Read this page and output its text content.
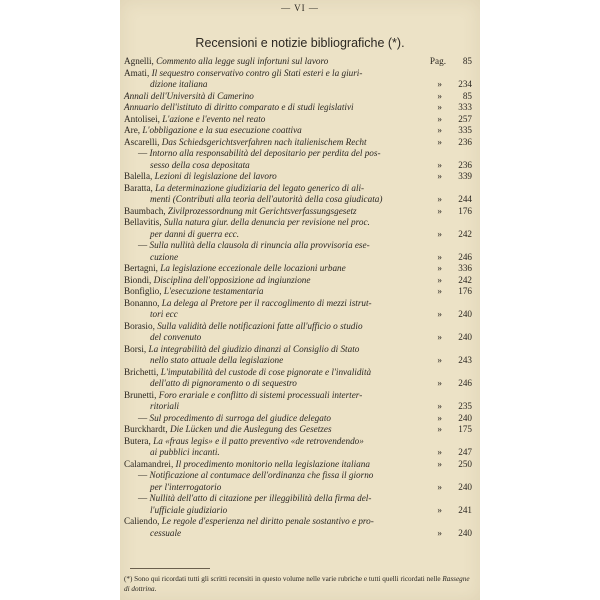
— VI —
Recensioni e notizie bibliografiche (*).
Agnelli, Commento alla legge sugli infortuni sul lavoro	85
Pag.
Amati, Il sequestro conservativo contro gli Stati esteri e la giuri-
dizione italiana	234
»
Annali dell'Università di Camerino	85
»
Annuario dell'istituto di diritto comparato e di studi legislativi	333
»
Antolisei, L'azione e l'evento nel reato	257
»
Are, L'obbligazione e la sua esecuzione coattiva	335
»
Ascarelli, Das Schiedsgerichtsverfahren nach italienischem Recht	236
»
— Intorno alla responsabilità del depositario per perdita del pos-
sesso della cosa depositata	236
»
Balella, Lezioni di legislazione del lavoro	339
»
Baratta, La determinazione giudiziaria del legato generico di ali-
menti (Contributi alla teoria dell'autorità della cosa giudicata)	244
»
Baumbach, Zivilprozessordnung mit Gerichtsverfassungsgesetz	176
»
Bellavitis, Sulla natura giur. della denuncia per revisione nel proc.
per danni di guerra ecc.	242
»
— Sulla nullità della clausola di rinuncia alla provvisoria ese-
cuzione	246
»
Bertagni, La legislazione eccezionale delle locazioni urbane	336
»
Biondi, Disciplina dell'opposizione ad ingiunzione	242
»
Bonfiglio, L'esecuzione testamentaria	176
»
Bonanno, La delega al Pretore per il raccoglimento di mezzi istrut-
tori ecc	240
»
Borasio, Sulla validità delle notificazioni fatte all'ufficio o studio
del convenuto	240
»
Borsi, La integrabilità del giudizio dinanzi al Consiglio di Stato
nello stato attuale della legislazione	243
»
Brichetti, L'imputabilità del custode di cose pignorate e l'invalidità
dell'atto di pignoramento o di sequestro	246
»
Brunetti, Foro erariale e conflitto di sistemi processuali interter-
ritoriali	235
»
— Sul procedimento di surroga del giudice delegato	240
»
Burckhardt, Die Lücken und die Auslegung des Gesetzes	175
»
Butera, La «fraus legis» e il patto preventivo «de retrovendendo»
ai pubblici incanti.	247
»
Calamandrei, Il procedimento monitorio nella legislazione italiana	250
»
— Notificazione al contumace dell'ordinanza che fissa il giorno
per l'interrogatorio	240
»
— Nullità dell'atto di citazione per illeggibilità della firma del-
l'ufficiale giudiziario	241
»
Caliendo, Le regole d'esperienza nel diritto penale sostantivo e pro-
cessuale	240
»
(*) Sono qui ricordati tutti gli scritti recensiti in questo volume nelle varie rubriche e tutti quelli ricordati nelle Rassegne di dottrina.
